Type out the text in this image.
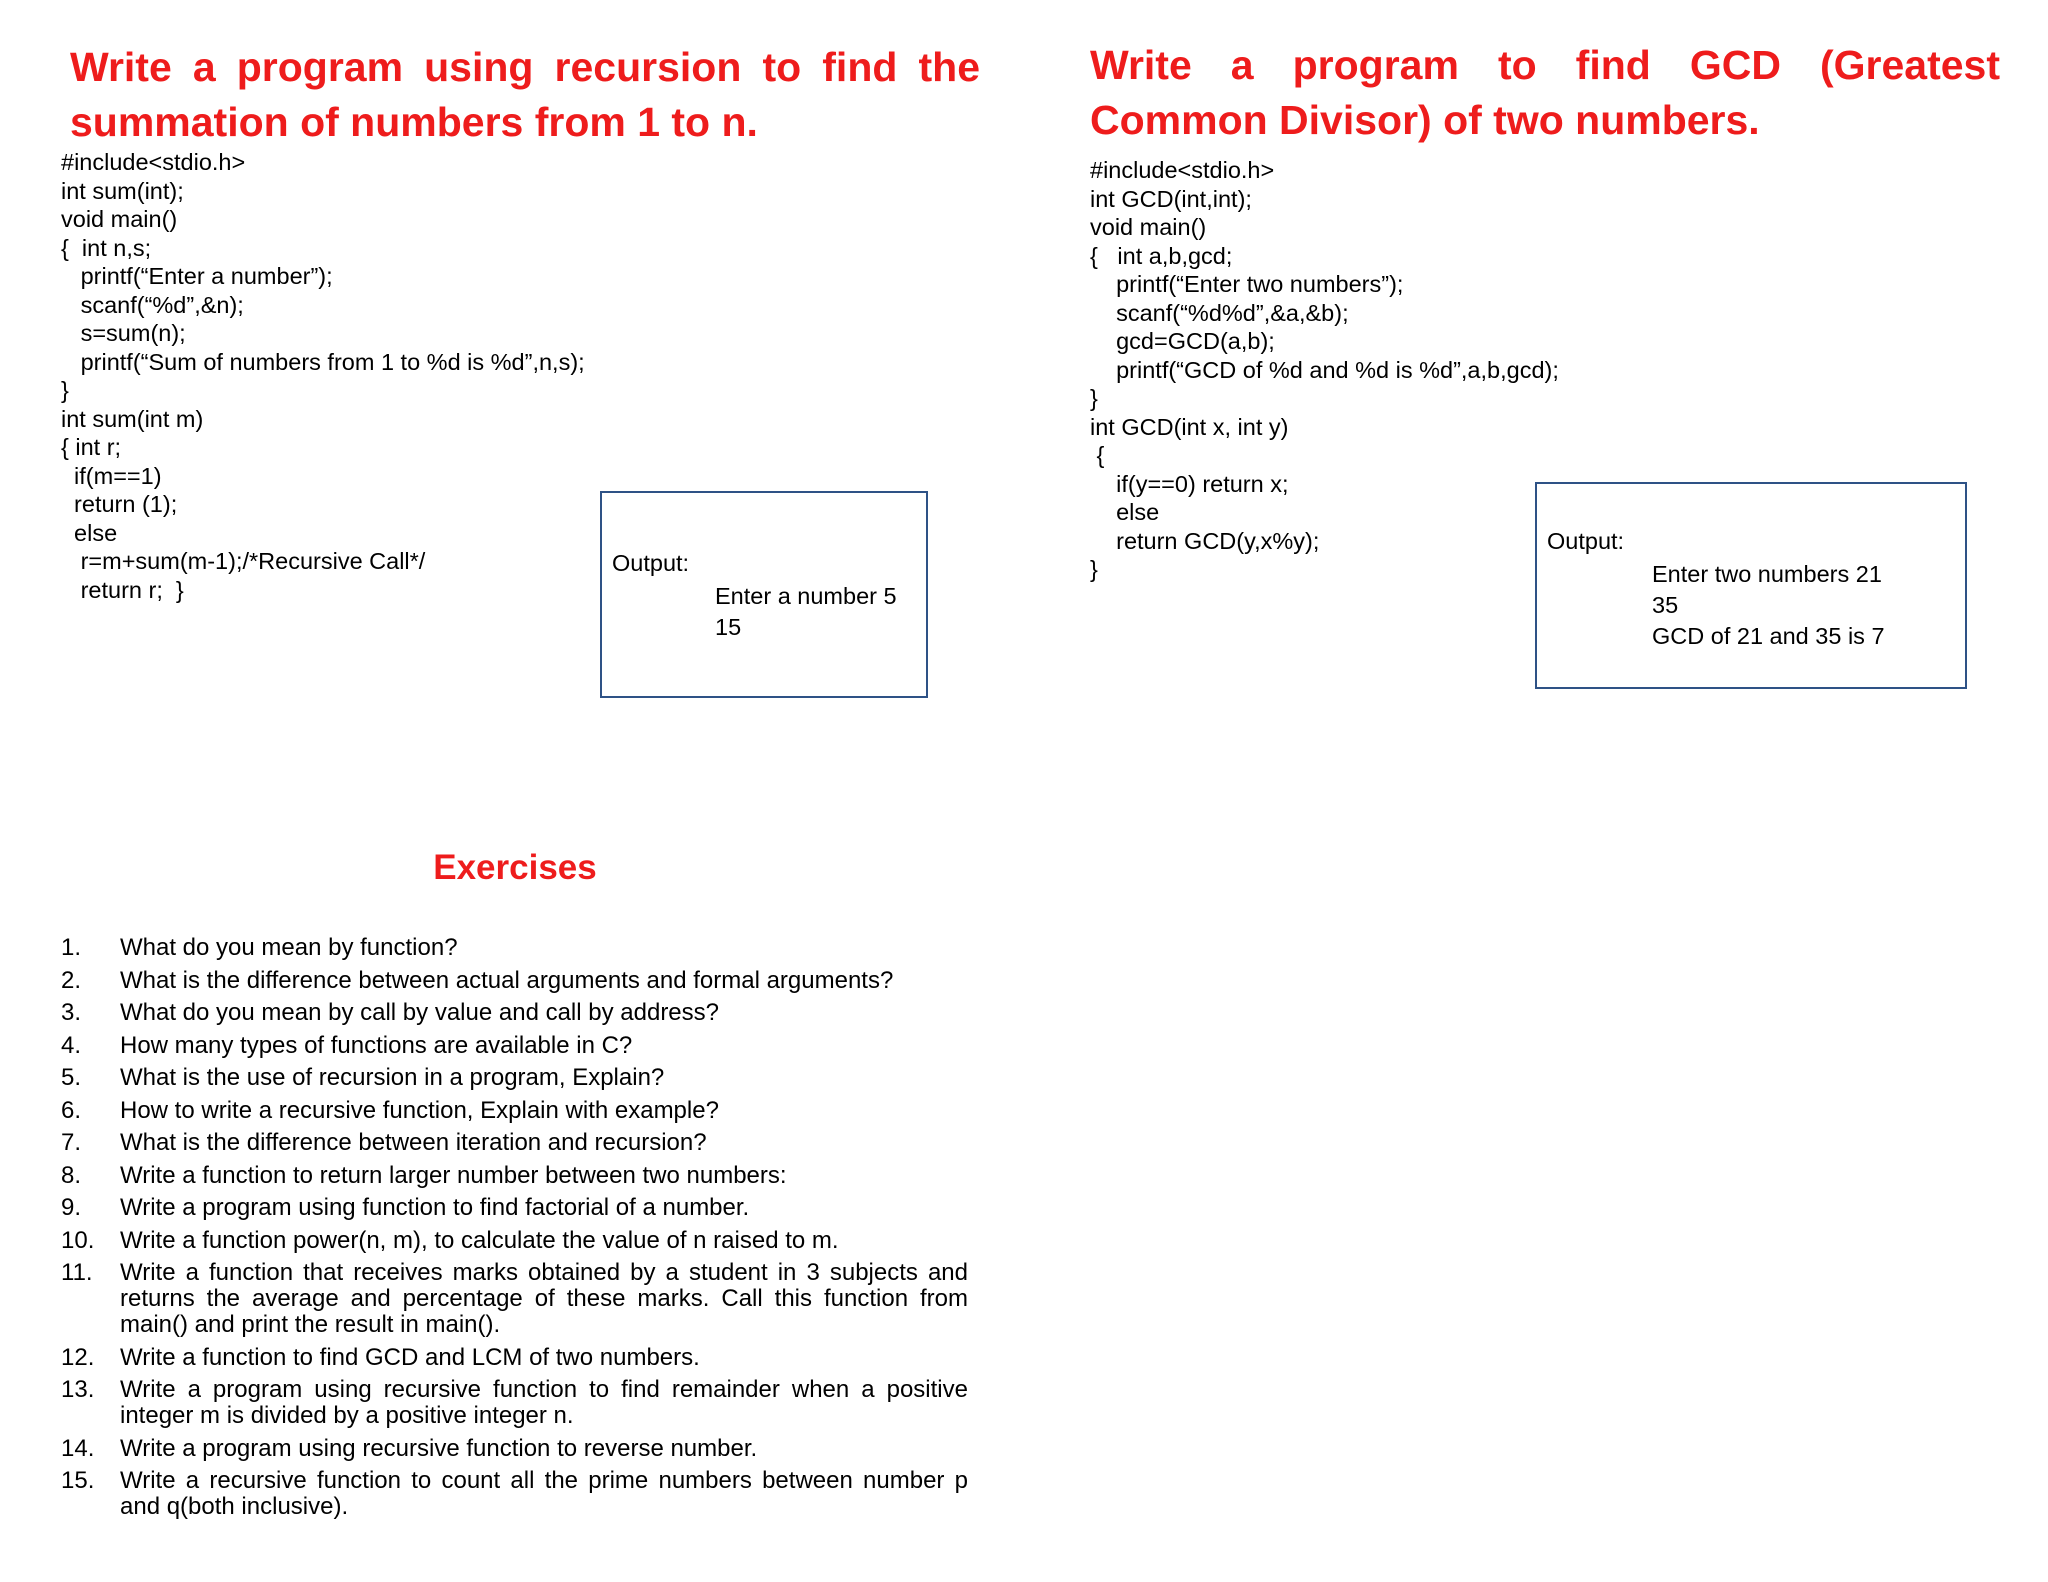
Write a program using recursion to find the summation of numbers from 1 to n.
#include<stdio.h>
int sum(int);
void main()
{  int n,s;
printf(“Enter a number”);
scanf(“%d”,&n);
s=sum(n);
printf(“Sum of numbers from 1 to %d is %d”,n,s);
}
int sum(int m)
{ int r;
if(m==1)
return (1);
else
r=m+sum(m-1);/*Recursive Call*/
return r;  }
Output:
Enter a number 5
15
Write a program to find GCD (Greatest Common Divisor) of two numbers.
#include<stdio.h>
int GCD(int,int);
void main()
{   int a,b,gcd;
printf(“Enter two numbers”);
scanf(“%d%d”,&a,&b);
gcd=GCD(a,b);
printf(“GCD of %d and %d is %d”,a,b,gcd);
}
int GCD(int x, int y)
{
if(y==0) return x;
else
return GCD(y,x%y);
}
Output:
Enter two numbers 21
35
GCD of 21 and 35 is 7
Exercises
1. What do you mean by function?
2. What is the difference between actual arguments and formal arguments?
3. What do you mean by call by value and call by address?
4. How many types of functions are available in C?
5. What is the use of recursion in a program, Explain?
6. How to write a recursive function, Explain with example?
7. What is the difference between iteration and recursion?
8. Write a function to return larger number between two numbers:
9. Write a program using function to find factorial of a number.
10. Write a function power(n, m), to calculate the value of n raised to m.
11. Write a function that receives marks obtained by a student in 3 subjects and returns the average and percentage of these marks. Call this function from main() and print the result in main().
12. Write a function to find GCD and LCM of two numbers.
13. Write a program using recursive function to find remainder when a positive integer m is divided by a positive integer n.
14. Write a program using recursive function to reverse number.
15. Write a recursive function to count all the prime numbers between number p and q(both inclusive).
